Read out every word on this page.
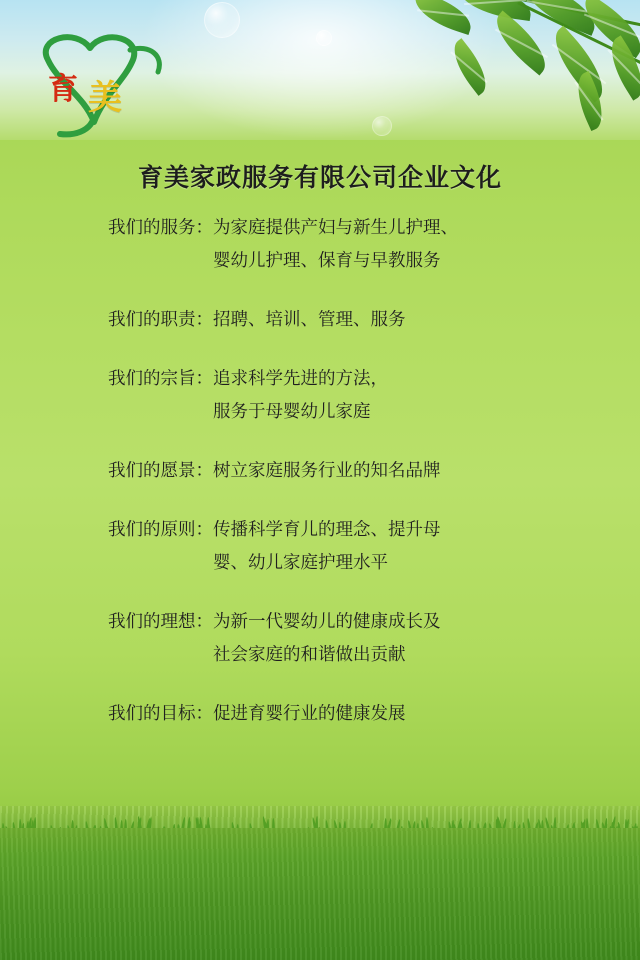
育 美
育美家政服务有限公司企业文化
我们的服务： 为家庭提供产妇与新生儿护理、
婴幼儿护理、保育与早教服务
我们的职责： 招聘、培训、管理、服务
我们的宗旨： 追求科学先进的方法，
服务于母婴幼儿家庭
我们的愿景： 树立家庭服务行业的知名品牌
我们的原则： 传播科学育儿的理念、提升母
婴、幼儿家庭护理水平
我们的理想： 为新一代婴幼儿的健康成长及
社会家庭的和谐做出贡献
我们的目标： 促进育婴行业的健康发展
